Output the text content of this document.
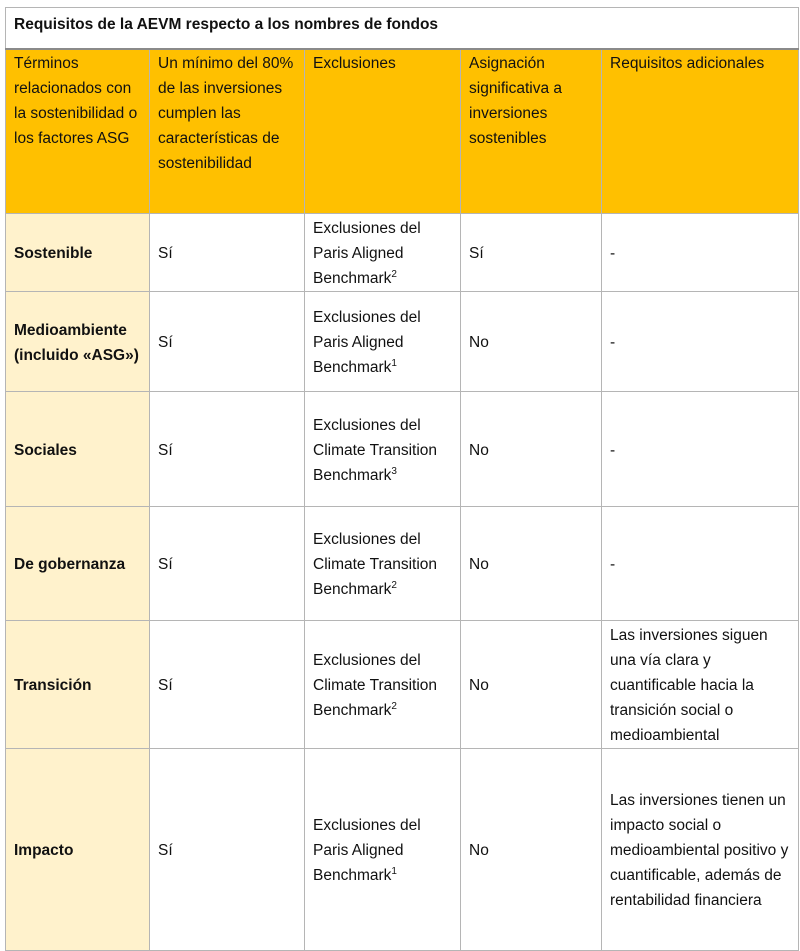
Requisitos de la AEVM respecto a los nombres de fondos				
Términos relacionados con la sostenibilidad o los factores ASG	Un mínimo del 80% de las inversiones cumplen las características de sostenibilidad	Exclusiones	Asignación significativa a inversiones sostenibles	Requisitos adicionales
Sostenible	Sí	Exclusiones del Paris Aligned Benchmark$^2$	Sí	-
Medioambiente (incluido «ASG»)	Sí	Exclusiones del Paris Aligned Benchmark$^1$	No	-
Sociales	Sí	Exclusiones del Climate Transition Benchmark$^3$	No	-
De gobernanza	Sí	Exclusiones del Climate Transition Benchmark$^2$	No	-
Transición	Sí	Exclusiones del Climate Transition Benchmark$^2$	No	Las inversiones siguen una vía clara y cuantificable hacia la transición social o medioambiental
Impacto	Sí	Exclusiones del Paris Aligned Benchmark$^1$	No	Las inversiones tienen un impacto social o medioambiental positivo y cuantificable, además de rentabilidad financiera
